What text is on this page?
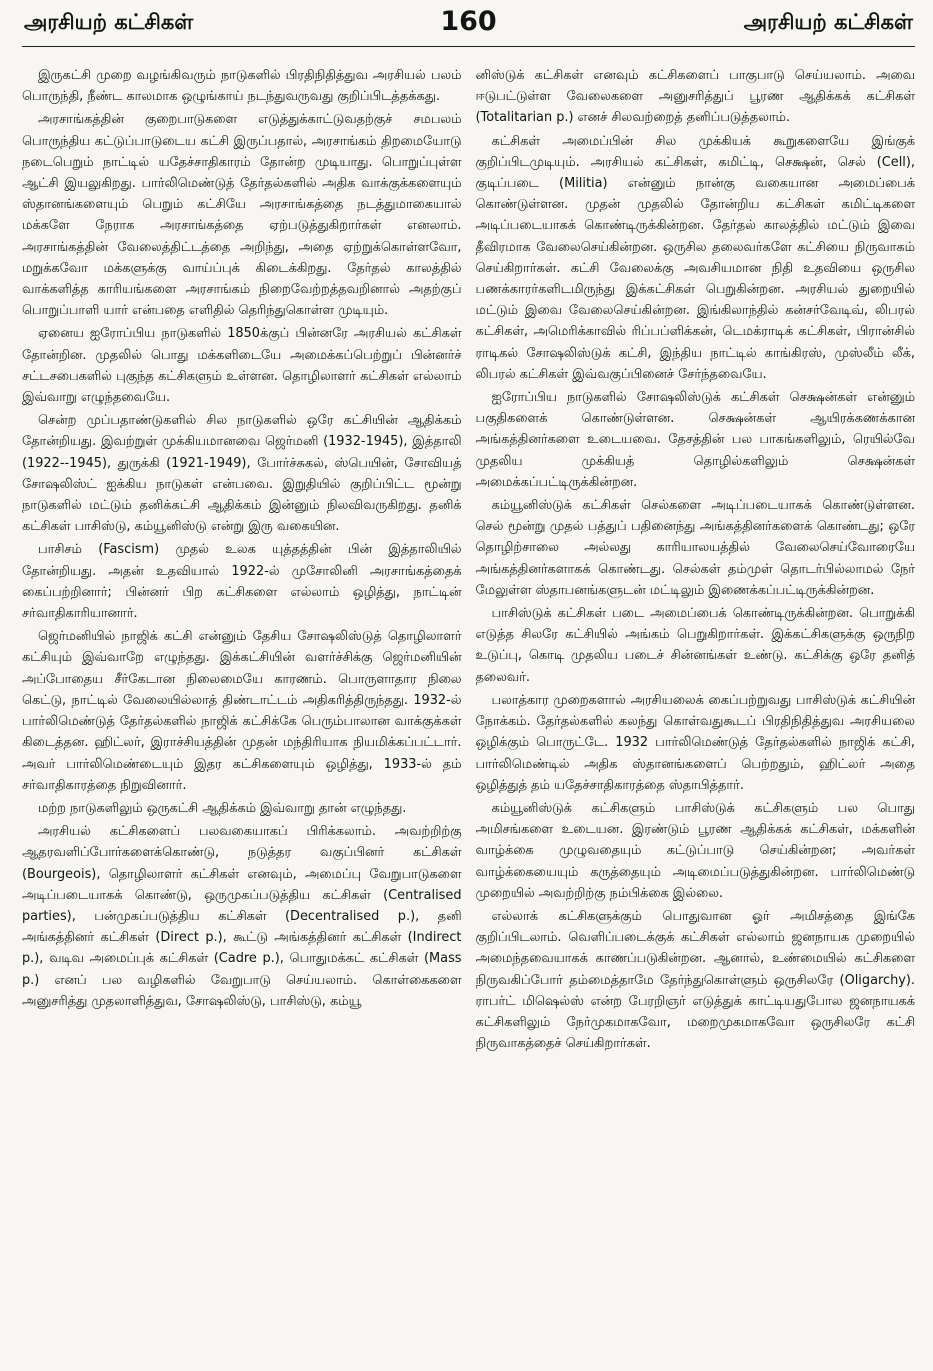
அரசியற் கட்சிகள்	160	அரசியற் கட்சிகள்

இருகட்சி முறை வழங்கிவரும் நாடுகளில் பிரதிநிதித்துவ அரசியல் பலம் பொருந்தி, நீண்ட காலமாக ஒழுங்காய் நடந்துவருவது குறிப்பிடத்தக்கது.

அரசாங்கத்தின் குறைபாடுகளை எடுத்துக்காட்டுவதற்குச் சமபலம் பொருந்திய கட்டுப்பாடுடைய கட்சி இருப்பதால், அரசாங்கம் திறமையோடு நடைபெறும் நாட்டில் யதேச்சாதிகாரம் தோன்ற முடியாது. பொறுப்புள்ள ஆட்சி இயலுகிறது. பார்லிமெண்டுத் தேர்தல்களில் அதிக வாக்குக்களையும் ஸ்தானங்களையும் பெறும் கட்சியே அரசாங்கத்தை நடத்துமாகையால் மக்களே நேராக அரசாங்கத்தை ஏற்படுத்துகிறார்கள் எனலாம். அரசாங்கத்தின் வேலைத்திட்டத்தை அறிந்து, அதை ஏற்றுக்கொள்ளவோ, மறுக்கவோ மக்களுக்கு வாய்ப்புக் கிடைக்கிறது. தேர்தல் காலத்தில் வாக்களித்த காரியங்களை அரசாங்கம் நிறைவேற்றத்தவறினால் அதற்குப் பொறுப்பாளி யார் என்பதை எளிதில் தெரிந்துகொள்ள முடியும்.

ஏனைய ஐரோப்பிய நாடுகளில் 1850க்குப் பின்னரே அரசியல் கட்சிகள் தோன்றின. முதலில் பொது மக்களிடையே அமைக்கப்பெற்றுப் பின்னர்ச் சட்டசபைகளில் புகுந்த கட்சிகளும் உள்ளன. தொழிலாளர் கட்சிகள் எல்லாம் இவ்வாறு எழுந்தவையே.

சென்ற முப்பதாண்டுகளில் சில நாடுகளில் ஒரே கட்சியின் ஆதிக்கம் தோன்றியது. இவற்றுள் முக்கியமானவை ஜெர்மனி (1932-1945), இத்தாலி (1922--1945), துருக்கி (1921-1949), போர்ச்சுகல், ஸ்பெயின், சோவியத் சோஷலிஸ்ட் ஐக்கிய நாடுகள் என்பவை. இறுதியில் குறிப்பிட்ட மூன்று நாடுகளில் மட்டும் தனிக்கட்சி ஆதிக்கம் இன்னும் நிலவிவருகிறது. தனிக் கட்சிகள் பாசிஸ்டு, கம்யூனிஸ்டு என்று இரு வகையின.

பாசிசம் (Fascism) முதல் உலக யுத்தத்தின் பின் இத்தாலியில் தோன்றியது. அதன் உதவியால் 1922-ல் முசோலினி அரசாங்கத்தைக் கைப்பற்றினார்; பின்னர் பிற கட்சிகளை எல்லாம் ஒழித்து, நாட்டின் சர்வாதிகாரியானார்.

ஜெர்மனியில் நாஜிக் கட்சி என்னும் தேசிய சோஷலிஸ்டுத் தொழிலாளர் கட்சியும் இவ்வாறே எழுந்தது. இக்கட்சியின் வளர்ச்சிக்கு ஜெர்மனியின் அப்போதைய சீர்கேடான நிலைமையே காரணம். பொருளாதார நிலை கெட்டு, நாட்டில் வேலையில்லாத் திண்டாட்டம் அதிகரித்திருந்தது. 1932-ல் பார்லிமெண்டுத் தேர்தல்களில் நாஜிக் கட்சிக்கே பெரும்பாலான வாக்குக்கள் கிடைத்தன. ஹிட்லர், இராச்சியத்தின் முதன் மந்திரியாக நியமிக்கப்பட்டார். அவர் பார்லிமெண்டையும் இதர கட்சிகளையும் ஒழித்து, 1933-ல் தம் சர்வாதிகாரத்தை நிறுவினார்.

மற்ற நாடுகளிலும் ஒருகட்சி ஆதிக்கம் இவ்வாறு தான் எழுந்தது.

அரசியல் கட்சிகளைப் பலவகையாகப் பிரிக்கலாம். அவற்றிற்கு ஆதரவளிப்போர்களைக்கொண்டு, நடுத்தர வகுப்பினர் கட்சிகள் (Bourgeois), தொழிலாளர் கட்சிகள் எனவும், அமைப்பு வேறுபாடுகளை அடிப்படையாகக் கொண்டு, ஒருமுகப்படுத்திய கட்சிகள் (Centralised parties), பன்முகப்படுத்திய கட்சிகள் (Decentralised p.), தனி அங்கத்தினர் கட்சிகள் (Direct p.), கூட்டு அங்கத்தினர் கட்சிகள் (Indirect p.), வடிவ அமைப்புக் கட்சிகள் (Cadre p.), பொதுமக்கட் கட்சிகள் (Mass p.) எனப் பல வழிகளில் வேறுபாடு செய்யலாம். கொள்கைகளை அனுசரித்து முதலாளித்துவ, சோஷலிஸ்டு, பாசிஸ்டு, கம்யூ

னிஸ்டுக் கட்சிகள் எனவும் கட்சிகளைப் பாகுபாடு செய்யலாம். அவை ஈடுபட்டுள்ள வேலைகளை அனுசரித்துப் பூரண ஆதிக்கக் கட்சிகள் (Totalitarian p.) எனச் சிலவற்றைத் தனிப்படுத்தலாம்.

கட்சிகள் அமைப்பின் சில முக்கியக் கூறுகளையே இங்குக் குறிப்பிடமுடியும். அரசியல் கட்சிகள், கமிட்டி, செக்ஷன், செல் (Cell), குடிப்படை (Militia) என்னும் நான்கு வகையான அமைப்பைக் கொண்டுள்ளன. முதன் முதலில் தோன்றிய கட்சிகள் கமிட்டிகளை அடிப்படையாகக் கொண்டிருக்கின்றன. தேர்தல் காலத்தில் மட்டும் இவை தீவிரமாக வேலைசெய்கின்றன. ஒருசில தலைவர்களே கட்சியை நிருவாகம் செய்கிறார்கள். கட்சி வேலைக்கு அவசியமான நிதி உதவியை ஒருசில பணக்காரர்களிடமிருந்து இக்கட்சிகள் பெறுகின்றன. அரசியல் துறையில் மட்டும் இவை வேலைசெய்கின்றன. இங்கிலாந்தில் கன்சர்வேடிவ், லிபரல் கட்சிகள், அமெரிக்காவில் ரிப்பப்ளிக்கன், டெமக்ராடிக் கட்சிகள், பிரான்சில் ராடிகல் சோஷலிஸ்டுக் கட்சி, இந்திய நாட்டில் காங்கிரஸ், முஸ்லீம் லீக், லிபரல் கட்சிகள் இவ்வகுப்பினைச் சேர்ந்தவையே.

ஐரோப்பிய நாடுகளில் சோஷலிஸ்டுக் கட்சிகள் செக்ஷன்கள் என்னும் பகுதிகளைக் கொண்டுள்ளன. செக்ஷன்கள் ஆயிரக்கணக்கான அங்கத்தினர்களை உடையவை. தேசத்தின் பல பாகங்களிலும், ரெயில்வே முதலிய முக்கியத் தொழில்களிலும் செக்ஷன்கள் அமைக்கப்பட்டிருக்கின்றன.

கம்யூனிஸ்டுக் கட்சிகள் செல்களை அடிப்படையாகக் கொண்டுள்ளன. செல் மூன்று முதல் பத்துப் பதினைந்து அங்கத்தினர்களைக் கொண்டது; ஒரே தொழிற்சாலை அல்லது காரியாலயத்தில் வேலைசெய்வோரையே அங்கத்தினர்களாகக் கொண்டது. செல்கள் தம்முள் தொடர்பில்லாமல் நேர் மேலுள்ள ஸ்தாபனங்களுடன் மட்டிலும் இணைக்கப்பட்டிருக்கின்றன.

பாசிஸ்டுக் கட்சிகள் படை அமைப்பைக் கொண்டிருக்கின்றன. பொறுக்கி எடுத்த சிலரே கட்சியில் அங்கம் பெறுகிறார்கள். இக்கட்சிகளுக்கு ஒருநிற உடுப்பு, கொடி முதலிய படைச் சின்னங்கள் உண்டு. கட்சிக்கு ஒரே தனித் தலைவர்.

பலாத்கார முறைகளால் அரசியலைக் கைப்பற்றுவது பாசிஸ்டுக் கட்சியின் நோக்கம். தேர்தல்களில் கலந்து கொள்வதுகூடப் பிரதிநிதித்துவ அரசியலை ஒழிக்கும் பொருட்டே. 1932 பார்லிமெண்டுத் தேர்தல்களில் நாஜிக் கட்சி, பார்லிமெண்டில் அதிக ஸ்தானங்களைப் பெற்றதும், ஹிட்லர் அதை ஒழித்துத் தம் யதேச்சாதிகாரத்தை ஸ்தாபித்தார்.

கம்யூனிஸ்டுக் கட்சிகளும் பாசிஸ்டுக் கட்சிகளும் பல பொது அமிசங்களை உடையன. இரண்டும் பூரண ஆதிக்கக் கட்சிகள், மக்களின் வாழ்க்கை முழுவதையும் கட்டுப்பாடு செய்கின்றன; அவர்கள் வாழ்க்கையையும் கருத்தையும் அடிமைப்படுத்துகின்றன. பார்லிமெண்டு முறையில் அவற்றிற்கு நம்பிக்கை இல்லை.

எல்லாக் கட்சிகளுக்கும் பொதுவான ஓர் அமிசத்தை இங்கே குறிப்பிடலாம். வெளிப்படைக்குக் கட்சிகள் எல்லாம் ஜனநாயக முறையில் அமைந்தவையாகக் காணப்படுகின்றன. ஆனால், உண்மையில் கட்சிகளை நிருவகிப்போர் தம்மைத்தாமே தேர்ந்துகொள்ளும் ஒருசிலரே (Oligarchy). ராபர்ட் மிஷெல்ஸ் என்ற பேரறிஞர் எடுத்துக் காட்டியதுபோல ஜனநாயகக் கட்சிகளிலும் நேர்முகமாகவோ, மறைமுகமாகவோ ஒருசிலரே கட்சி நிருவாகத்தைச் செய்கிறார்கள்.
